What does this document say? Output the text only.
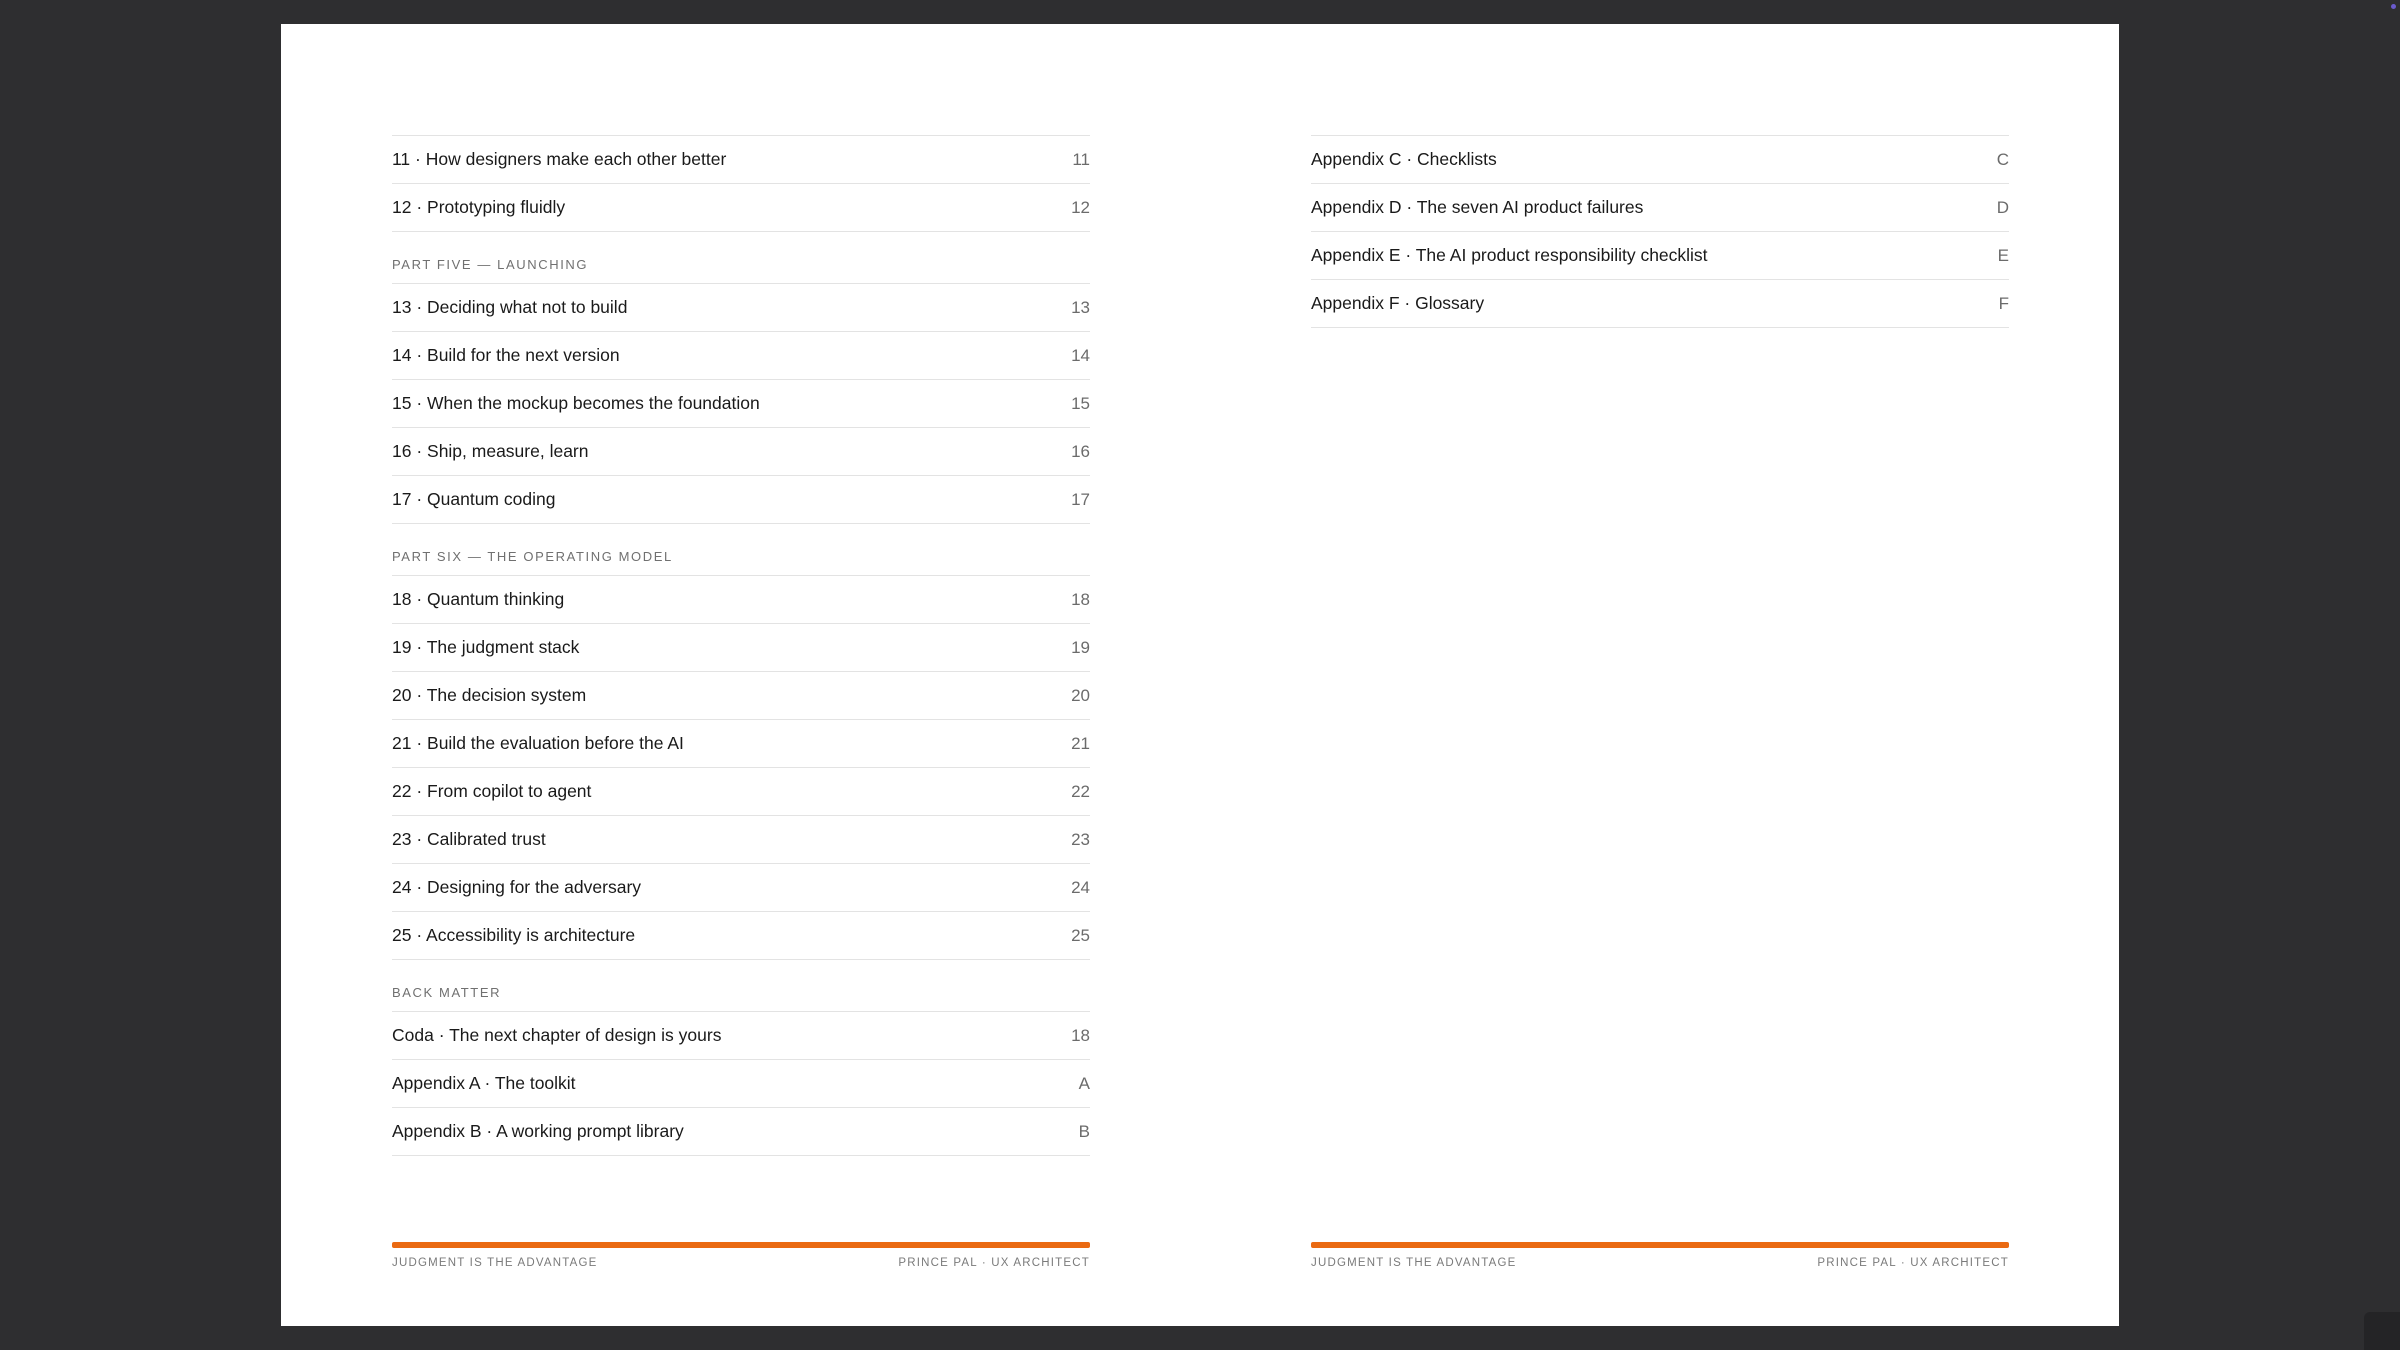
11 · How designers make each other better	11
12 · Prototyping fluidly	12
PART FIVE — LAUNCHING
13 · Deciding what not to build	13
14 · Build for the next version	14
15 · When the mockup becomes the foundation	15
16 · Ship, measure, learn	16
17 · Quantum coding	17
PART SIX — THE OPERATING MODEL
18 · Quantum thinking	18
19 · The judgment stack	19
20 · The decision system	20
21 · Build the evaluation before the AI	21
22 · From copilot to agent	22
23 · Calibrated trust	23
24 · Designing for the adversary	24
25 · Accessibility is architecture	25
BACK MATTER
Coda · The next chapter of design is yours	18
Appendix A · The toolkit	A
Appendix B · A working prompt library	B
JUDGMENT IS THE ADVANTAGE	PRINCE PAL · UX ARCHITECT
Appendix C · Checklists	C
Appendix D · The seven AI product failures	D
Appendix E · The AI product responsibility checklist	E
Appendix F · Glossary	F
JUDGMENT IS THE ADVANTAGE	PRINCE PAL · UX ARCHITECT
